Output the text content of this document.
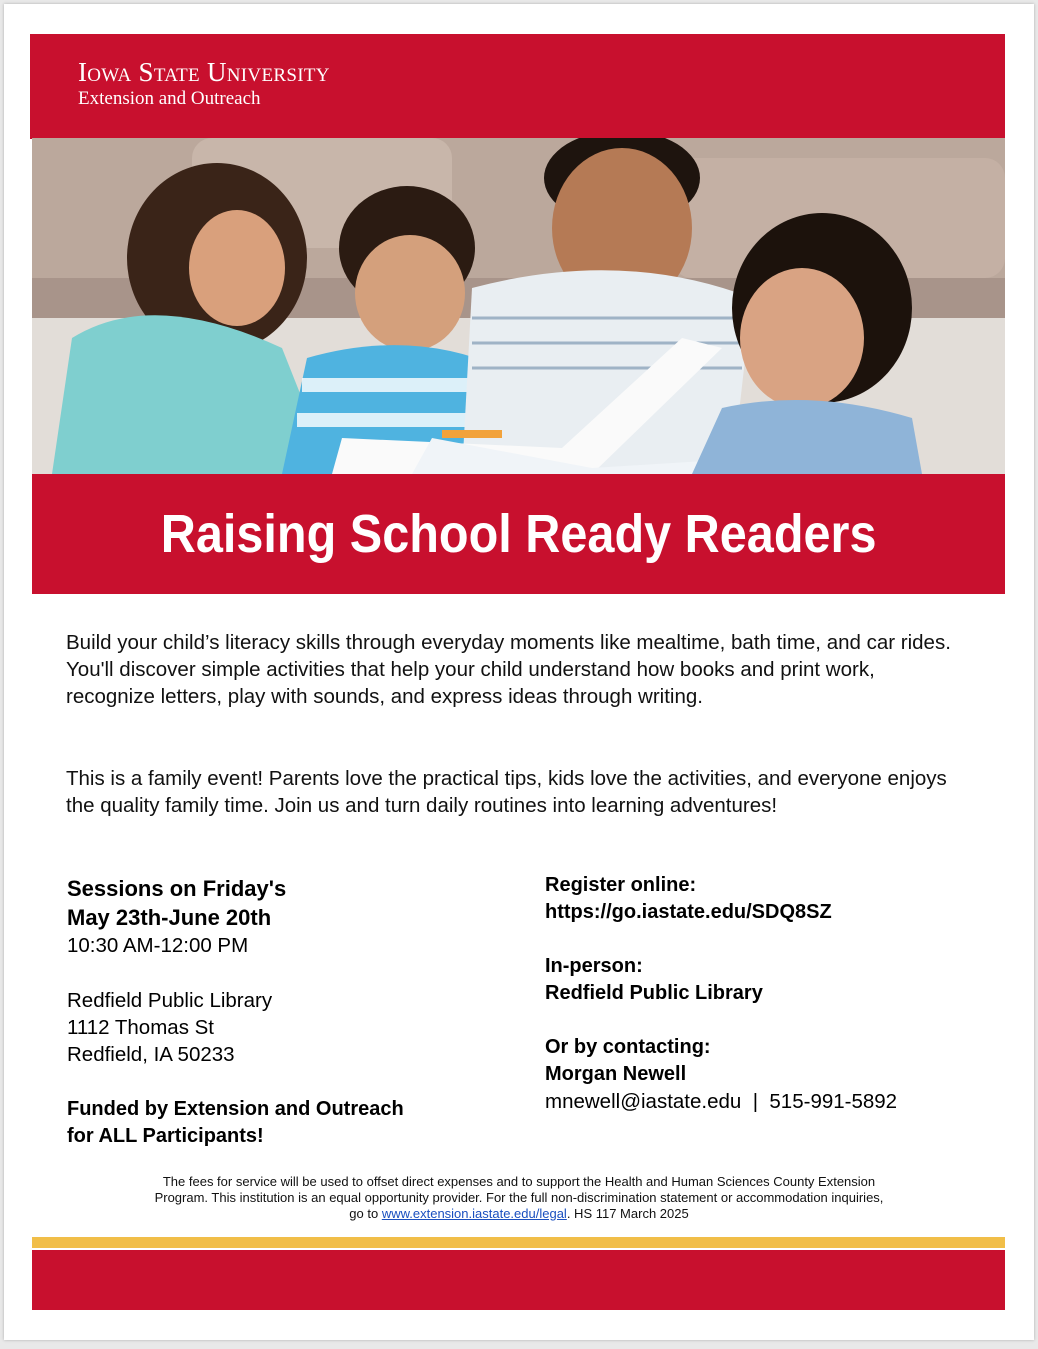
Iowa State University
Extension and Outreach
Raising School Ready Readers
Build your child’s literacy skills through everyday moments like mealtime, bath time, and car rides. You'll discover simple activities that help your child understand how books and print work, recognize letters, play with sounds, and express ideas through writing.
This is a family event! Parents love the practical tips, kids love the activities, and everyone enjoys the quality family time. Join us and turn daily routines into learning adventures!
Sessions on Friday's
May 23th-June 20th
10:30 AM-12:00 PM
Redfield Public Library
1112 Thomas St
Redfield, IA 50233
Funded by Extension and Outreach
for ALL Participants!
Register online:
https://go.iastate.edu/SDQ8SZ
In-person:
Redfield Public Library
Or by contacting:
Morgan Newell
mnewell@iastate.edu  |  515-991-5892
The fees for service will be used to offset direct expenses and to support the Health and Human Sciences County Extension
Program. This institution is an equal opportunity provider. For the full non-discrimination statement or accommodation inquiries,
go to www.extension.iastate.edu/legal. HS 117 March 2025
